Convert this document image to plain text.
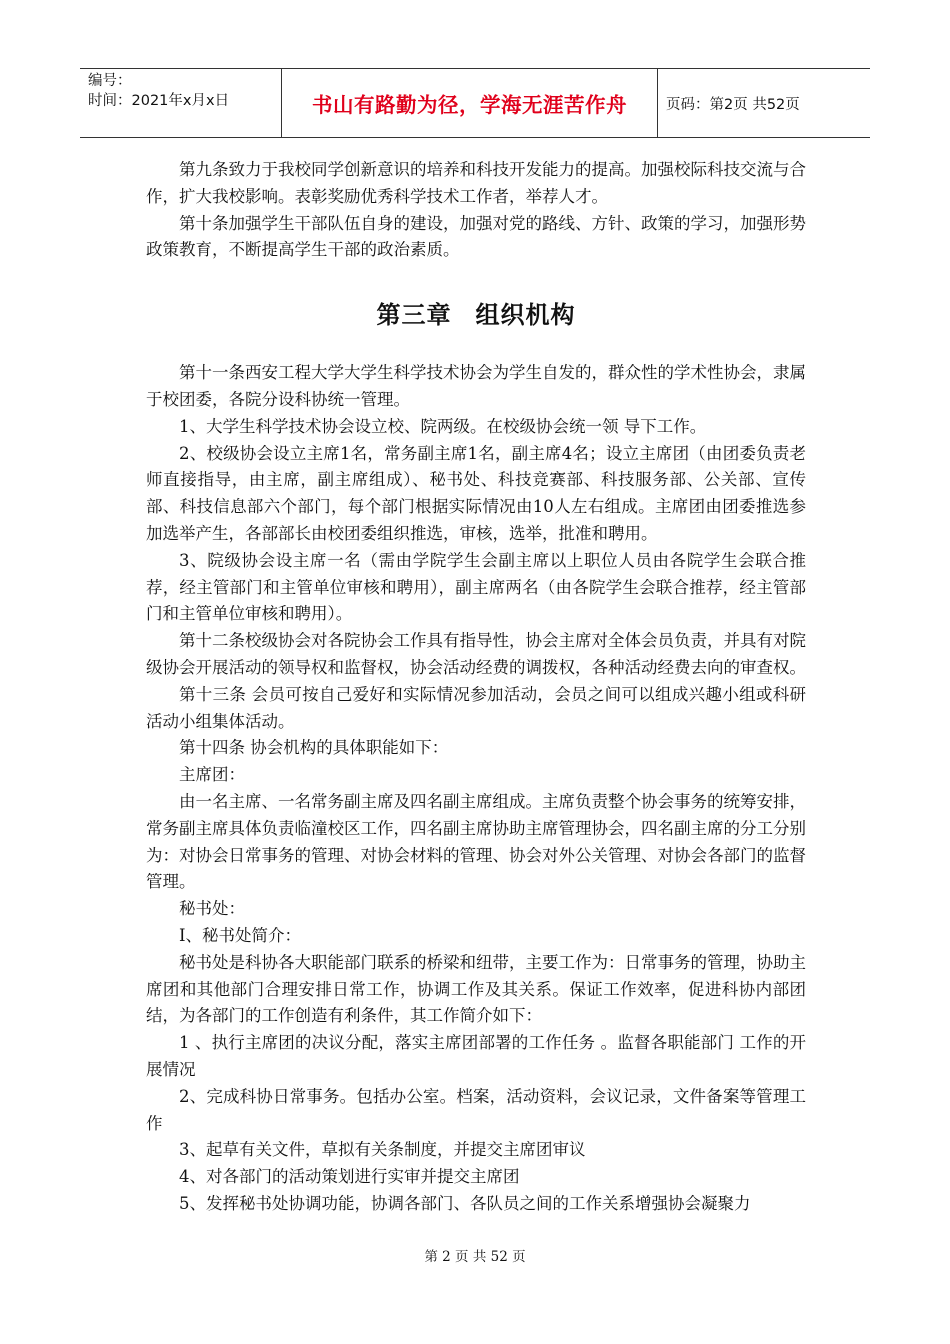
编号：
时间：2021年x月x日	书山有路勤为径，学海无涯苦作舟	页码：第2页 共52页

第九条致力于我校同学创新意识的培养和科技开发能力的提高。加强校际科技交流与合作，扩大我校影响。表彰奖励优秀科学技术工作者，举荐人才。

第十条加强学生干部队伍自身的建设，加强对党的路线、方针、政策的学习，加强形势政策教育，不断提高学生干部的政治素质。

第三章 组织机构

第十一条西安工程大学大学生科学技术协会为学生自发的，群众性的学术性协会，隶属于校团委，各院分设科协统一管理。

1、大学生科学技术协会设立校、院两级。在校级协会统一领 导下工作。

2、校级协会设立主席1名，常务副主席1名，副主席4名；设立主席团（由团委负责老师直接指导，由主席，副主席组成）、秘书处、科技竞赛部、科技服务部、公关部、宣传部、科技信息部六个部门，每个部门根据实际情况由10人左右组成。主席团由团委推选参加选举产生，各部部长由校团委组织推选，审核，选举，批准和聘用。

3、院级协会设主席一名（需由学院学生会副主席以上职位人员由各院学生会联合推荐，经主管部门和主管单位审核和聘用），副主席两名（由各院学生会联合推荐，经主管部门和主管单位审核和聘用）。

第十二条校级协会对各院协会工作具有指导性，协会主席对全体会员负责，并具有对院级协会开展活动的领导权和监督权，协会活动经费的调拨权，各种活动经费去向的审查权。

第十三条 会员可按自己爱好和实际情况参加活动，会员之间可以组成兴趣小组或科研活动小组集体活动。

第十四条 协会机构的具体职能如下：

主席团：

由一名主席、一名常务副主席及四名副主席组成。主席负责整个协会事务的统筹安排，常务副主席具体负责临潼校区工作，四名副主席协助主席管理协会，四名副主席的分工分别为：对协会日常事务的管理、对协会材料的管理、协会对外公关管理、对协会各部门的监督管理。

秘书处：

Ⅰ、秘书处简介：

秘书处是科协各大职能部门联系的桥梁和纽带，主要工作为：日常事务的管理，协助主席团和其他部门合理安排日常工作，协调工作及其关系。保证工作效率，促进科协内部团结，为各部门的工作创造有利条件，其工作简介如下：

1 、执行主席团的决议分配，落实主席团部署的工作任务 。监督各职能部门 工作的开展情况

2、完成科协日常事务。包括办公室。档案，活动资料，会议记录，文件备案等管理工作

3、起草有关文件，草拟有关条制度，并提交主席团审议

4、对各部门的活动策划进行实审并提交主席团

5、发挥秘书处协调功能，协调各部门、各队员之间的工作关系增强协会凝聚力

第 2 页 共 52 页
